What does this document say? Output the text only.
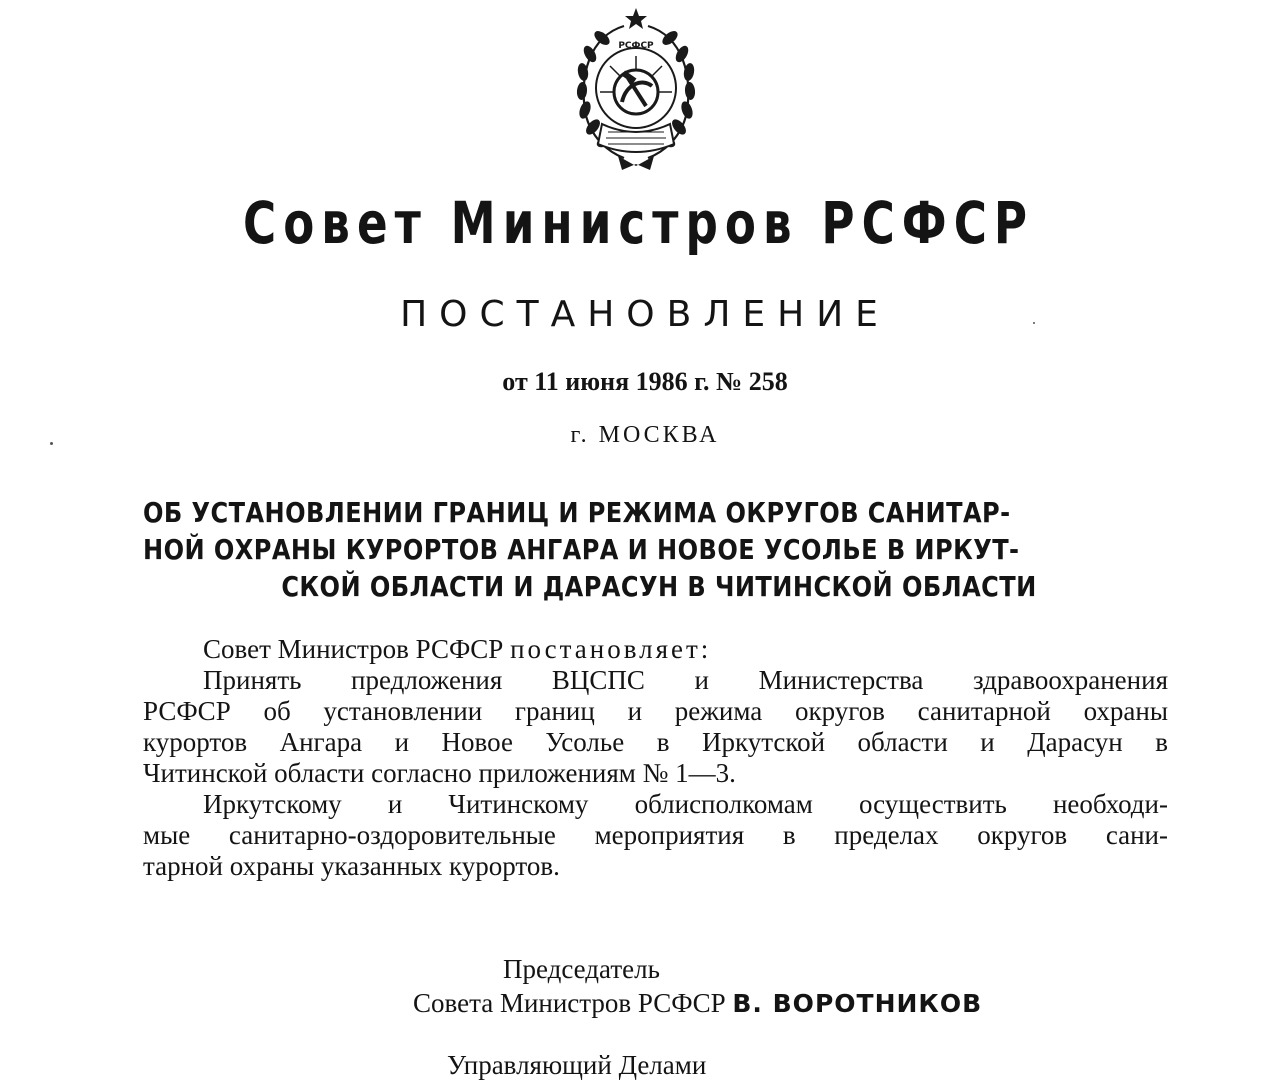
РСФСР
Совет Министров РСФСР
ПОСТАНОВЛЕНИЕ
от 11 июня 1986 г. № 258
г. МОСКВА
ОБ УСТАНОВЛЕНИИ ГРАНИЦ И РЕЖИМА ОКРУГОВ САНИТАР-
НОЙ ОХРАНЫ КУРОРТОВ АНГАРА И НОВОЕ УСОЛЬЕ В ИРКУТ-
СКОЙ ОБЛАСТИ И ДАРАСУН В ЧИТИНСКОЙ ОБЛАСТИ
Совет Министров РСФСР постановляет:
Принять предложения ВЦСПС и Министерства здравоохранения
РСФСР об установлении границ и режима округов санитарной охраны
курортов Ангара и Новое Усолье в Иркутской области и Дарасун в
Читинской области согласно приложениям № 1—3.
Иркутскому и Читинскому облисполкомам осуществить необходи-
мые санитарно-оздоровительные мероприятия в пределах округов сани-
тарной охраны указанных курортов.
Председатель
Совета Министров РСФСР В. ВОРОТНИКОВ
Управляющий Делами
